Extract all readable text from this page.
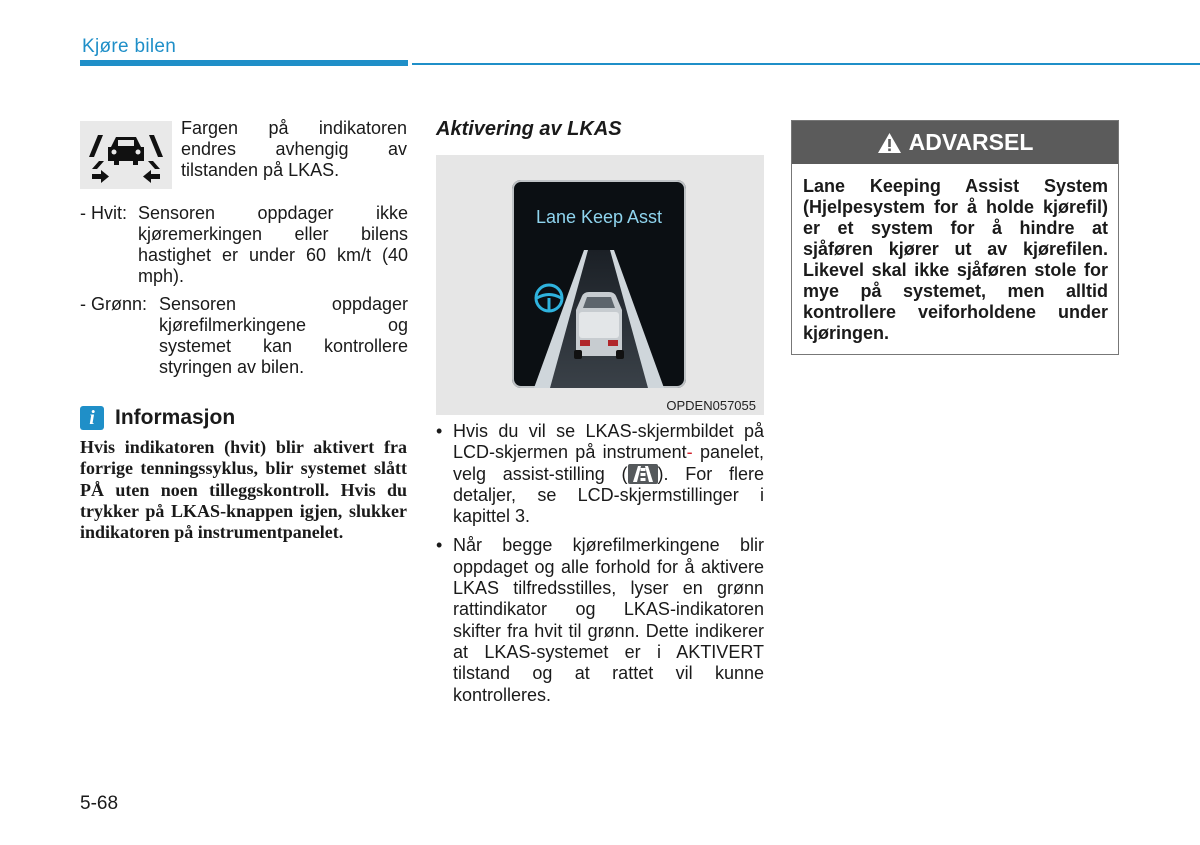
Kjøre bilen
Fargen på indikatoren endres avhengig av tilstanden på LKAS.
- Hvit: Sensoren oppdager ikke kjøremerkingen eller bilens hastighet er under 60 km/t (40 mph).
- Grønn: Sensoren oppdager kjørefilmerkingene og systemet kan kontrollere styringen av bilen.
i Informasjon
Hvis indikatoren (hvit) blir aktivert fra forrige tenningssyklus, blir systemet slått PÅ uten noen tilleggskontroll. Hvis du trykker på LKAS-knappen igjen, slukker indikatoren på instrumentpanelet.
Aktivering av LKAS
Lane Keep Asst
OPDEN057055
• Hvis du vil se LKAS-skjermbildet på LCD-skjermen på instrument- panelet, velg assist-stilling ( ). For flere detaljer, se LCD-skjermstillinger i kapittel 3.
• Når begge kjørefilmerkingene blir oppdaget og alle forhold for å aktivere LKAS tilfredsstilles, lyser en grønn rattindikator og LKAS-indikatoren skifter fra hvit til grønn. Dette indikerer at LKAS-systemet er i AKTIVERT tilstand og at rattet vil kunne kontrolleres.
ADVARSEL
Lane Keeping Assist System (Hjelpesystem for å holde kjørefil) er et system for å hindre at sjåføren kjører ut av kjørefilen. Likevel skal ikke sjåføren stole for mye på systemet, men alltid kontrollere veiforholdene under kjøringen.
5-68
